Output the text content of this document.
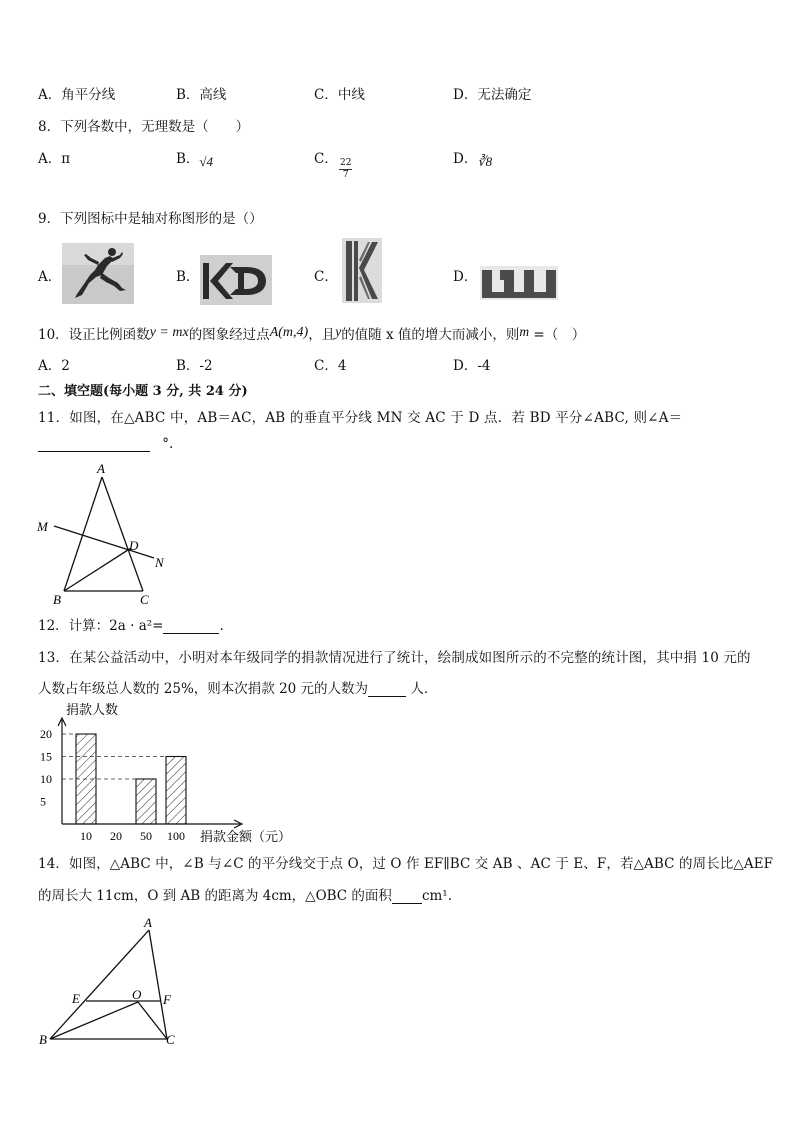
A．角平分线	B．高线	C．中线	D．无法确定
8．下列各数中，无理数是（　　）
A．π	B．√4	C． $\frac{22}{7}$	D．∛8
9．下列图标中是轴对称图形的是（）
A．	B．	C．	D．
10．设正比例函数y = mx的图象经过点A(m,4)，且y的值随 x 值的增大而减小，则m =（　）
A．2	B．-2	C．4	D．-4
二、填空题(每小题 3 分, 共 24 分)
11．如图，在△ABC 中，AB＝AC，AB 的垂直平分线 MN 交 AC 于 D 点．若 BD 平分∠ABC, 则∠A＝
°.
A
M
D
N
B	C
12．计算：2a · a²=	.
13．在某公益活动中，小明对本年级同学的捐款情况进行了统计，绘制成如图所示的不完整的统计图，其中捐 10 元的
人数占年级总人数的 25%，则本次捐款 20 元的人数为	人．
捐款人数
捐款金额（元）
5
10
15
20
10 20 50 100
14．如图，△ABC 中，∠B 与∠C 的平分线交于点 O，过 O 作 EF∥BC 交 AB 、AC 于 E、F，若△ABC 的周长比△AEF
的周长大 11cm，O 到 AB 的距离为 4cm，△OBC 的面积 cm¹.
A
E	O F
B	C
